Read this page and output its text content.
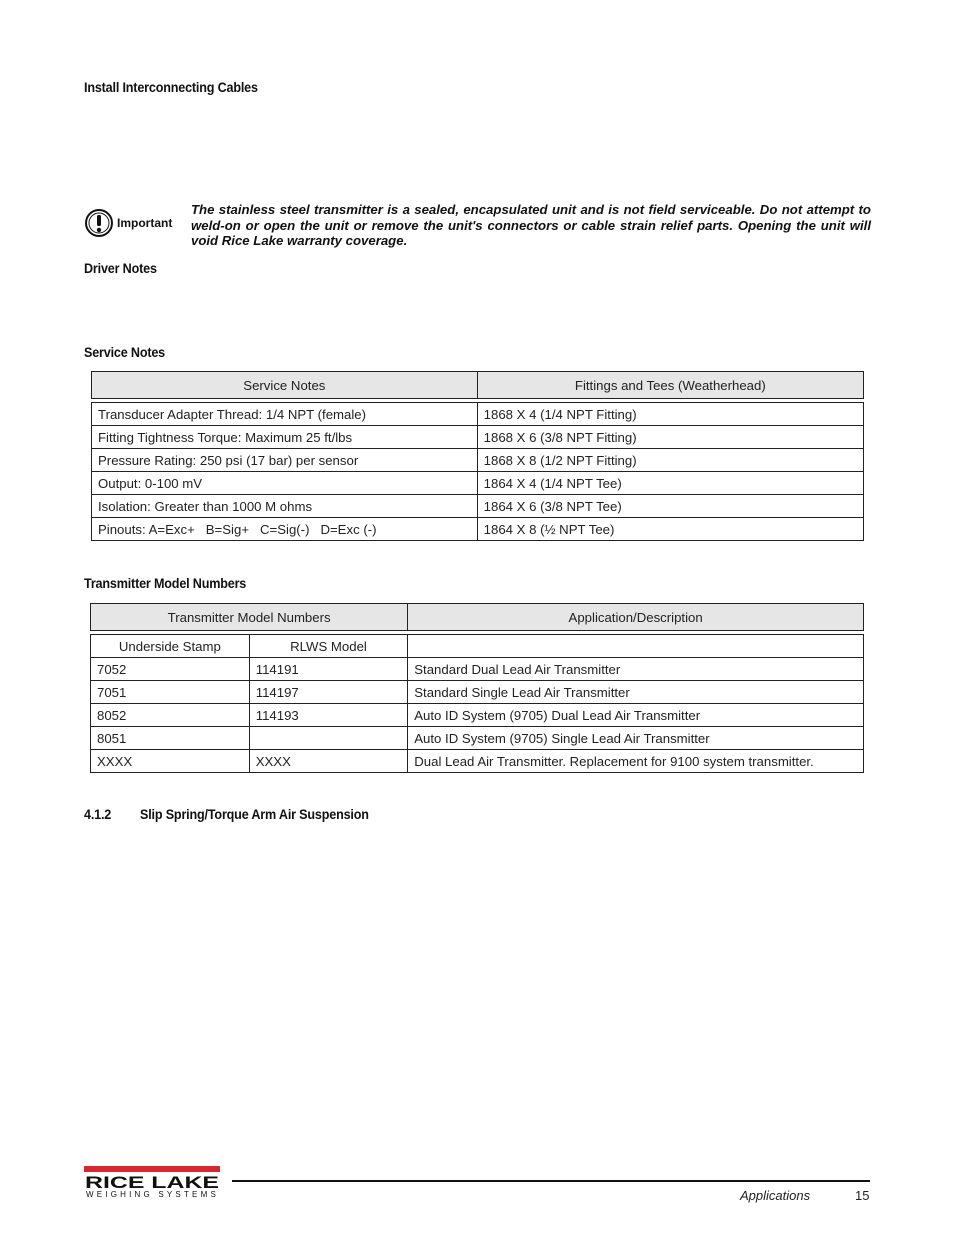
Install Interconnecting Cables
Important
The stainless steel transmitter is a sealed, encapsulated unit and is not field serviceable. Do not attempt to weld-on or open the unit or remove the unit's connectors or cable strain relief parts. Opening the unit will void Rice Lake warranty coverage.
Driver Notes
Service Notes
Service Notes	Fittings and Tees (Weatherhead)

Transducer Adapter Thread: 1/4 NPT (female)	1868 X 4 (1/4 NPT Fitting)
Fitting Tightness Torque: Maximum 25 ft/lbs	1868 X 6 (3/8 NPT Fitting)
Pressure Rating: 250 psi (17 bar) per sensor	1868 X 8 (1/2 NPT Fitting)
Output: 0-100 mV	1864 X 4 (1/4 NPT Tee)
Isolation: Greater than 1000 M ohms	1864 X 6 (3/8 NPT Tee)
Pinouts: A=Exc+   B=Sig+   C=Sig(-)   D=Exc (-)	1864 X 8 (½ NPT Tee)
Transmitter Model Numbers
Transmitter Model Numbers		Application/Description

Underside Stamp	RLWS Model	
7052	114191	Standard Dual Lead Air Transmitter
7051	114197	Standard Single Lead Air Transmitter
8052	114193	Auto ID System (9705) Dual Lead Air Transmitter
8051		Auto ID System (9705) Single Lead Air Transmitter
XXXX	XXXX	Dual Lead Air Transmitter. Replacement for 9100 system transmitter.
4.1.2 Slip Spring/Torque Arm Air Suspension
RICE LAKE
WEIGHING SYSTEMS	Applications	15
